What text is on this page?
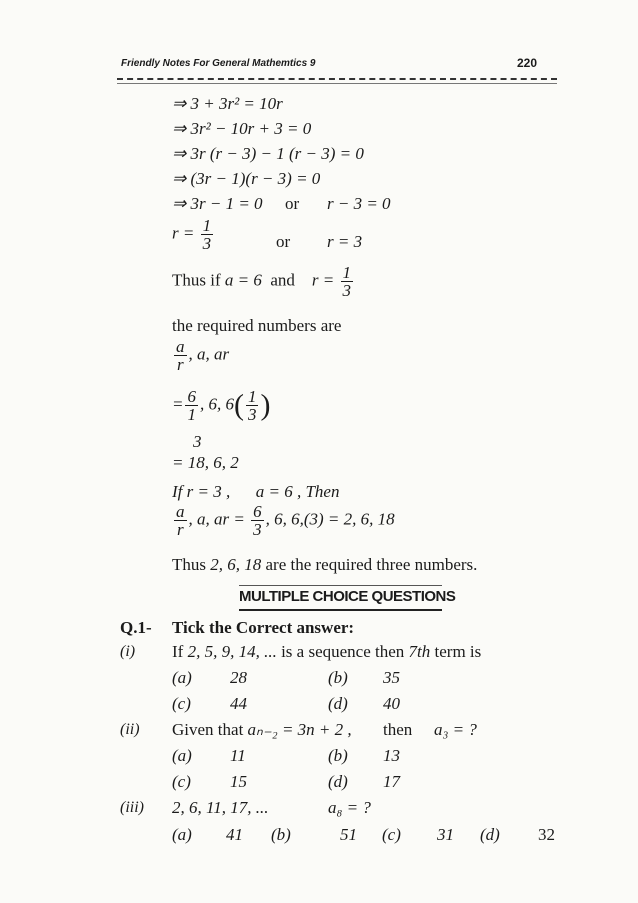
Friendly Notes For General Mathemtics 9	220
⇒ 3 + 3r² = 10r
⇒ 3r² − 10r + 3 = 0
⇒ 3r (r − 3) − 1 (r − 3) = 0
⇒ (3r − 1)(r − 3) = 0
⇒ 3r − 1 = 0 or r − 3 = 0
$r = \frac{1}{3}$	or r = 3
Thus if a = 6 and $r = \frac{1}{3}$
the required numbers are
$\frac{a}{r}$ , a, ar
= $\frac{6}{1}$ , 6, $6( \frac{1}{3}$ )
3
= 18, 6, 2
If r = 3 , a = 6 , Then
$\frac{a}{r}$ , a, ar = $\frac{6}{3}$ , 6, 6,(3) = 2, 6, 18
Thus 2, 6, 18 are the required three numbers.
MULTIPLE CHOICE QUESTIONS
Q.1- Tick the Correct answer:
(i) If 2, 5, 9, 14, ... is a sequence then 7th term is
(a) 28	(b) 35
(c) 44	(d) 40
(ii) Given that aₙ₋₂ = 3n + 2 , then a₃ = ?
(a) 11	(b) 13
(c) 15	(d) 17
(iii) 2, 6, 11, 17, ...	a₈ = ?
(a) 41 (b)	51 (c) 31 (d) 32
